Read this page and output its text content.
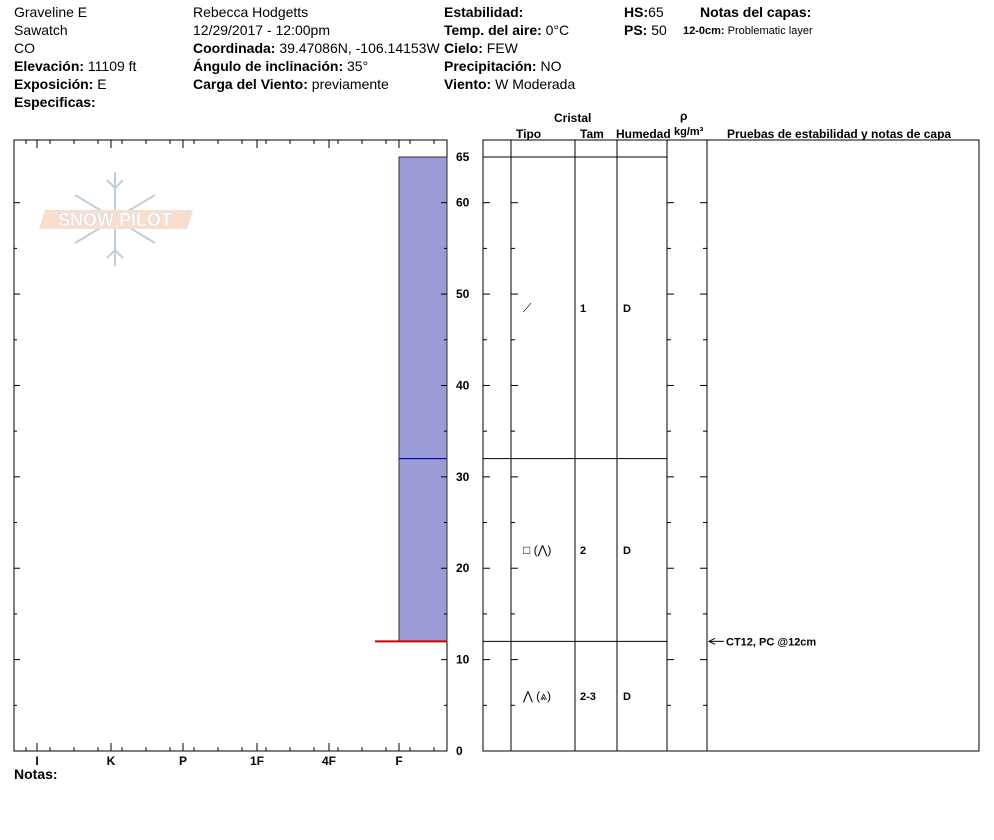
Graveline E
Sawatch
CO
Elevación: 11109 ft
Exposición: E
Especificas:
Rebecca Hodgetts
12/29/2017 - 12:00pm
Coordinada: 39.47086N, -106.14153W
Ángulo de inclinación: 35°
Carga del Viento: previamente
Estabilidad:
Temp. del aire: 0°C
Cielo: FEW
Precipitación: NO
Viento: W Moderada
HS:65
PS: 50
Notas del capas:
12-0cm: Problematic layer
Cristal
Tipo	Tam Humedad
ρ
kg/m³ Pruebas de estabilidad y notas de capa
SNOW PILOT
I	K	P	1F	4F	F
0
10
20
30
40
50
60
65
⟋	1	D
□ (⋀)	2	D
⋀ (⩓)	2-3 D
CT12, PC @12cm
Notas:
